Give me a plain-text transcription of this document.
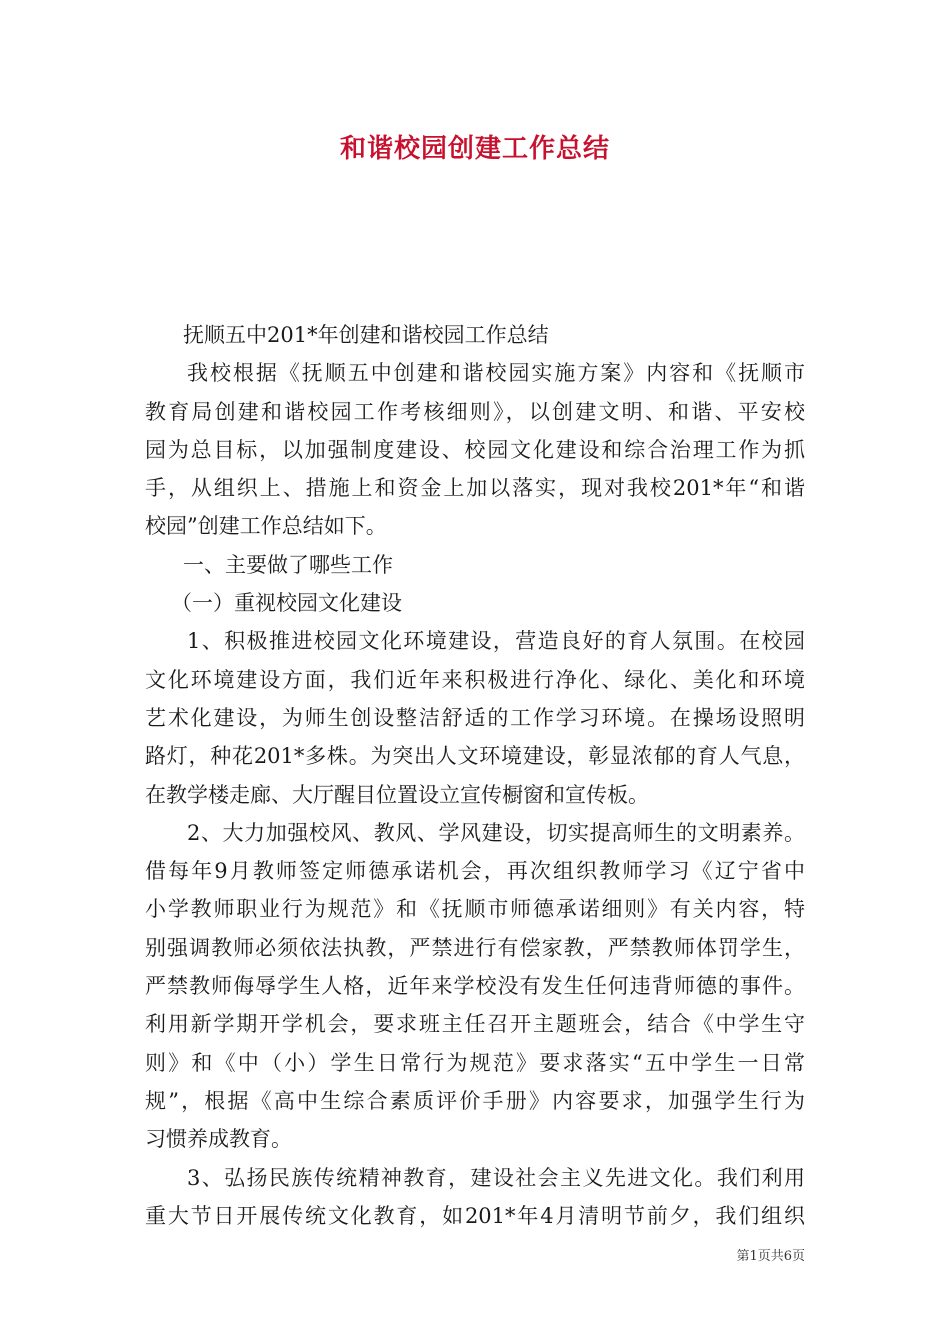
和谐校园创建工作总结
抚顺五中201*年创建和谐校园工作总结
我校根据《抚顺五中创建和谐校园实施方案》内容和《抚顺市
教育局创建和谐校园工作考核细则》，以创建文明、和谐、平安校
园为总目标，以加强制度建设、校园文化建设和综合治理工作为抓
手，从组织上、措施上和资金上加以落实，现对我校201*年“和谐
校园”创建工作总结如下。
一、主要做了哪些工作
（一）重视校园文化建设
1、积极推进校园文化环境建设，营造良好的育人氛围。在校园
文化环境建设方面，我们近年来积极进行净化、绿化、美化和环境
艺术化建设，为师生创设整洁舒适的工作学习环境。在操场设照明
路灯，种花201*多株。为突出人文环境建设，彰显浓郁的育人气息，
在教学楼走廊、大厅醒目位置设立宣传橱窗和宣传板。
2、大力加强校风、教风、学风建设，切实提高师生的文明素养。
借每年9月教师签定师德承诺机会，再次组织教师学习《辽宁省中
小学教师职业行为规范》和《抚顺市师德承诺细则》有关内容，特
别强调教师必须依法执教，严禁进行有偿家教，严禁教师体罚学生，
严禁教师侮辱学生人格，近年来学校没有发生任何违背师德的事件。
利用新学期开学机会，要求班主任召开主题班会，结合《中学生守
则》和《中（小）学生日常行为规范》要求落实“五中学生一日常
规”，根据《高中生综合素质评价手册》内容要求，加强学生行为
习惯养成教育。
3、弘扬民族传统精神教育，建设社会主义先进文化。我们利用
重大节日开展传统文化教育，如201*年4月清明节前夕，我们组织
第1页共6页
